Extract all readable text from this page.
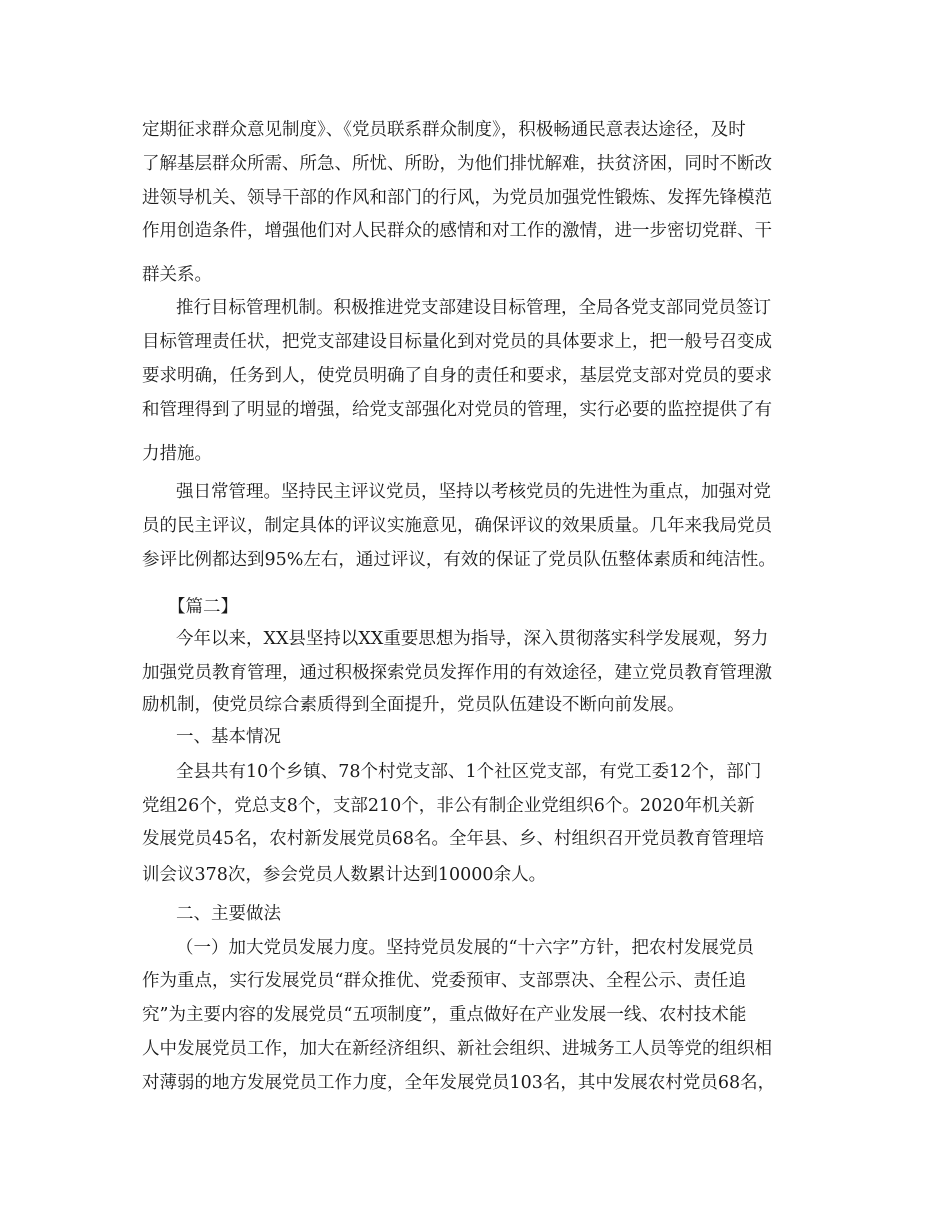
定期征求群众意见制度》、《党员联系群众制度》，积极畅通民意表达途径，及时
了解基层群众所需、所急、所忧、所盼，为他们排忧解难，扶贫济困，同时不断改
进领导机关、领导干部的作风和部门的行风，为党员加强党性锻炼、发挥先锋模范
作用创造条件，增强他们对人民群众的感情和对工作的激情，进一步密切党群、干
群关系。
推行目标管理机制。积极推进党支部建设目标管理，全局各党支部同党员签订
目标管理责任状，把党支部建设目标量化到对党员的具体要求上，把一般号召变成
要求明确，任务到人，使党员明确了自身的责任和要求，基层党支部对党员的要求
和管理得到了明显的增强，给党支部强化对党员的管理，实行必要的监控提供了有
力措施。
强日常管理。坚持民主评议党员，坚持以考核党员的先进性为重点，加强对党
员的民主评议，制定具体的评议实施意见，确保评议的效果质量。几年来我局党员
参评比例都达到95%左右，通过评议，有效的保证了党员队伍整体素质和纯洁性。
【篇二】
今年以来，XX县坚持以XX重要思想为指导，深入贯彻落实科学发展观，努力
加强党员教育管理，通过积极探索党员发挥作用的有效途径，建立党员教育管理激
励机制，使党员综合素质得到全面提升，党员队伍建设不断向前发展。
一、基本情况
全县共有10个乡镇、78个村党支部、1个社区党支部，有党工委12个，部门
党组26个，党总支8个，支部210个，非公有制企业党组织6个。2020年机关新
发展党员45名，农村新发展党员68名。全年县、乡、村组织召开党员教育管理培
训会议378次，参会党员人数累计达到10000余人。
二、主要做法
（一）加大党员发展力度。坚持党员发展的“十六字”方针，把农村发展党员
作为重点，实行发展党员“群众推优、党委预审、支部票决、全程公示、责任追
究”为主要内容的发展党员“五项制度”，重点做好在产业发展一线、农村技术能
人中发展党员工作，加大在新经济组织、新社会组织、进城务工人员等党的组织相
对薄弱的地方发展党员工作力度，全年发展党员103名，其中发展农村党员68名，
